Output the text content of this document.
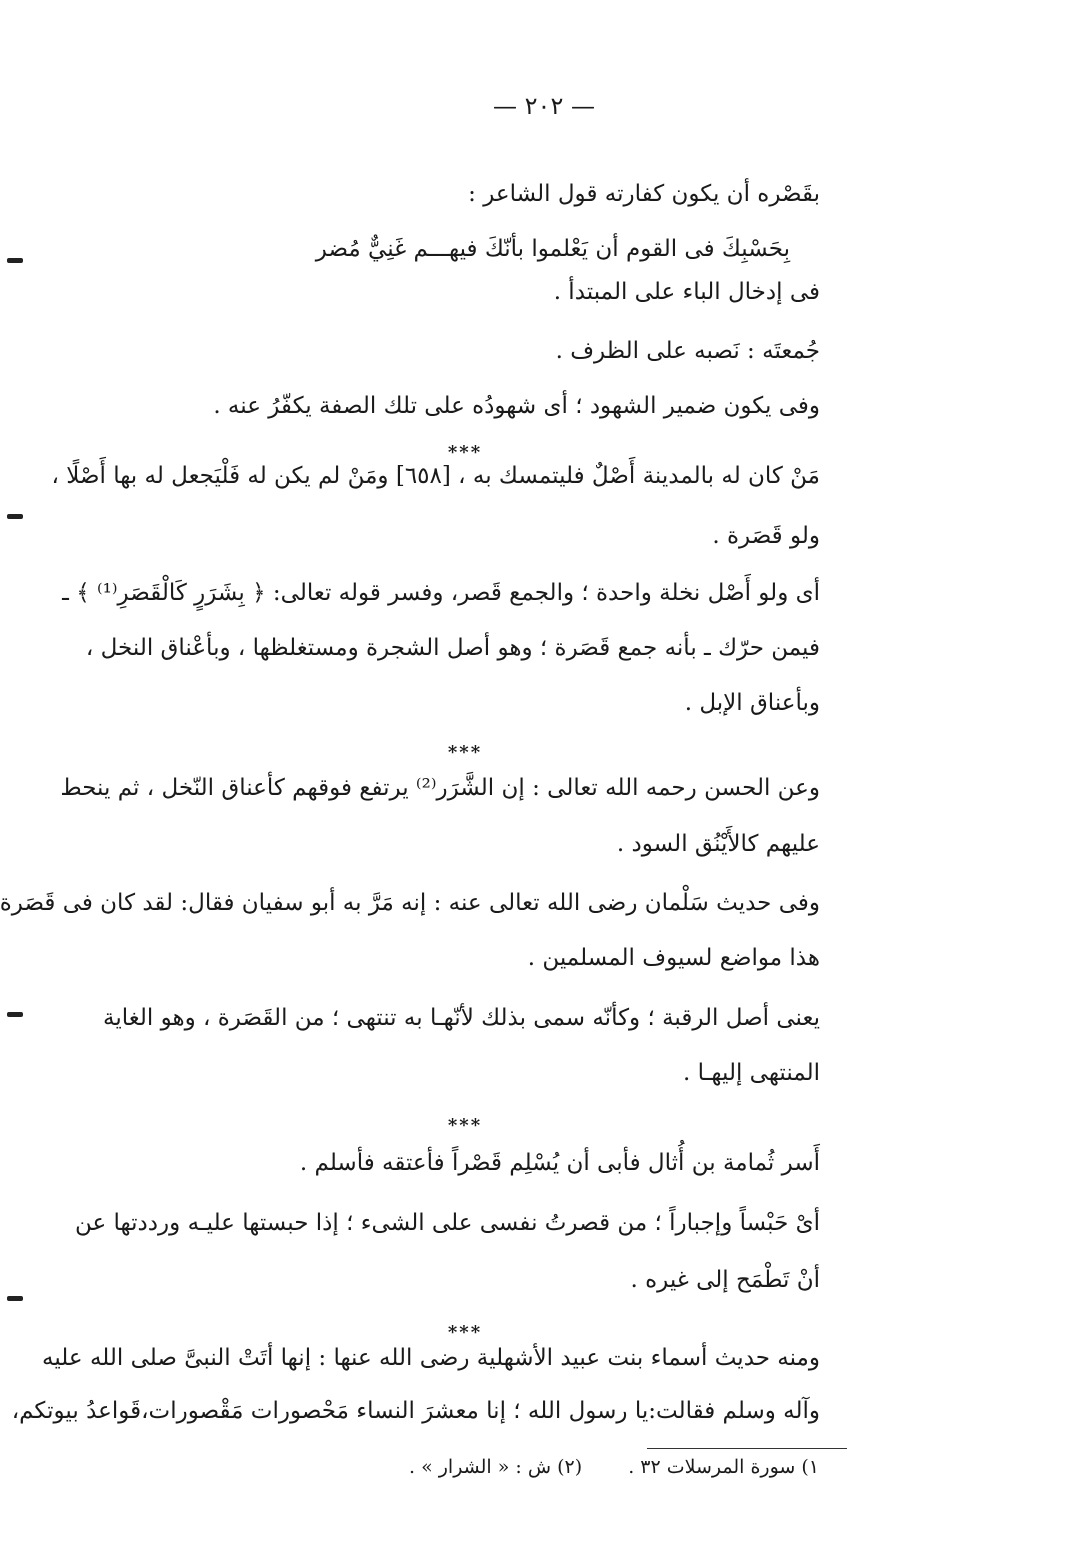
— ٢٠٢ —
بقَصْره أن يكون كفارته قول الشاعر :
بِحَسْبِكَ فى القوم أن يَعْلموا بأنّكَ فيهـــم غَنِيٌّ مُضر
فى إدخال الباء على المبتدأ .
جُمعتَه : نَصبه على الظرف .
وفى يكون ضمير الشهود ؛ أى شهودُه على تلك الصفة يكفّرُ عنه .
***
مَنْ كان له بالمدينة أَصْلٌ فليتمسك به ، [٦٥٨] ومَنْ لم يكن له فَلْيَجعل له بها أَصْلًا ،
ولو قَصَرة .
أى ولو أَصْل نخلة واحدة ؛ والجمع قَصر، وفسر قوله تعالى: ﴿ بِشَرَرٍ كَالْقَصَرِ⁽¹⁾ ﴾ ـ
فيمن حرّك ـ بأنه جمع قَصَرة ؛ وهو أصل الشجرة ومستغلظها ، وبأعْناق النخل ،
وبأعناق الإبل .
***
وعن الحسن رحمه الله تعالى : إن الشَّرَر⁽²⁾ يرتفع فوقهم كأعناق النّخل ، ثم ينحط
عليهم كالأَيْنُق السود .
وفى حديث سَلْمان رضى الله تعالى عنه : إنه مَرَّ به أبو سفيان فقال: لقد كان فى قَصَرة
هذا مواضع لسيوف المسلمين .
يعنى أصل الرقبة ؛ وكأنّه سمى بذلك لأنّهـا به تنتهى ؛ من القَصَرة ، وهو الغاية
المنتهى إليهـا .
***
أَسر ثُمامة بن أُثال فأبى أن يُسْلِم قَصْراً فأعتقه فأسلم .
أىْ حَبْساً وإجباراً ؛ من قصرتُ نفسى على الشىء ؛ إذا حبستها عليـه ورددتها عن
أنْ تَطْمَح إلى غيره .
***
ومنه حديث أسماء بنت عبيد الأشهلية رضى الله عنها : إنها أتَتْ النبىَّ صلى الله عليه
وآله وسلم فقالت:يا رسول الله ؛ إنا معشرَ النساء مَحْصورات مَقْصورات،قَواعدُ بيوتكم،
١) سورة المرسلات ٣٢ . (٢) ش : « الشرار » .
